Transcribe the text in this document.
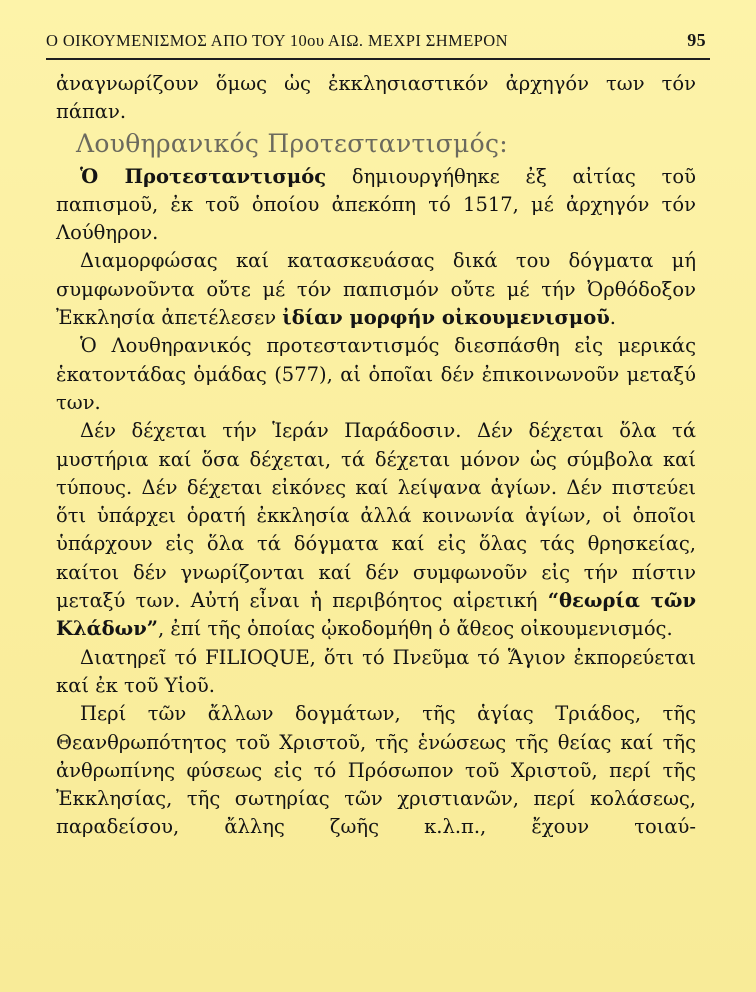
Ο ΟΙΚΟΥΜΕΝΙΣΜΟΣ ΑΠΟ ΤΟΥ 10ου ΑΙΩ. ΜΕΧΡΙ ΣΗΜΕΡΟΝ	95

ἀναγνωρίζουν ὅμως ὡς ἐκκλησιαστικόν ἀρχηγόν των τόν πάπαν.

Λουθηρανικός Προτεσταντισμός:

Ὁ Προτεσταντισμός δημιουργήθηκε ἐξ αἰτίας τοῦ παπισμοῦ, ἐκ τοῦ ὁποίου ἀπεκόπη τό 1517, μέ ἀρχηγόν τόν Λούθηρον.

Διαμορφώσας καί κατασκευάσας δικά του δόγματα μή συμφωνοῦντα οὔτε μέ τόν παπισμόν οὔτε μέ τήν Ὀρθόδοξον Ἐκκλησία ἀπετέλεσεν ἰδίαν μορφήν οἰκουμενισμοῦ.

Ὁ Λουθηρανικός προτεσταντισμός διεσπάσθη εἰς μερικάς ἑκατοντάδας ὁμάδας (577), αἱ ὁποῖαι δέν ἐπικοινωνοῦν μεταξύ των.

Δέν δέχεται τήν Ἱεράν Παράδοσιν. Δέν δέχεται ὅλα τά μυστήρια καί ὅσα δέχεται, τά δέχεται μόνον ὡς σύμβολα καί τύπους. Δέν δέχεται εἰκόνες καί λείψανα ἁγίων. Δέν πιστεύει ὅτι ὑπάρχει ὁρατή ἐκκλησία ἀλλά κοινωνία ἁγίων, οἱ ὁποῖοι ὑπάρχουν εἰς ὅλα τά δόγματα καί εἰς ὅλας τάς θρησκείας, καίτοι δέν γνωρίζονται καί δέν συμφωνοῦν εἰς τήν πίστιν μεταξύ των. Αὐτή εἶναι ἡ περιβόητος αἱρετική “θεωρία τῶν Κλάδων”, ἐπί τῆς ὁποίας ᾠκοδομήθη ὁ ἄθεος οἰκουμενισμός.

Διατηρεῖ τό FILIOQUE, ὅτι τό Πνεῦμα τό Ἅγιον ἐκπορεύεται καί ἐκ τοῦ Υἱοῦ.

Περί τῶν ἄλλων δογμάτων, τῆς ἁγίας Τριάδος, τῆς Θεανθρωπότητος τοῦ Χριστοῦ, τῆς ἑνώσεως τῆς θείας καί τῆς ἀνθρωπίνης φύσεως εἰς τό Πρόσωπον τοῦ Χριστοῦ, περί τῆς Ἐκκλησίας, τῆς σωτηρίας τῶν χριστιανῶν, περί κολάσεως, παραδείσου, ἄλλης ζωῆς κ.λ.π., ἔχουν τοιαύ-
